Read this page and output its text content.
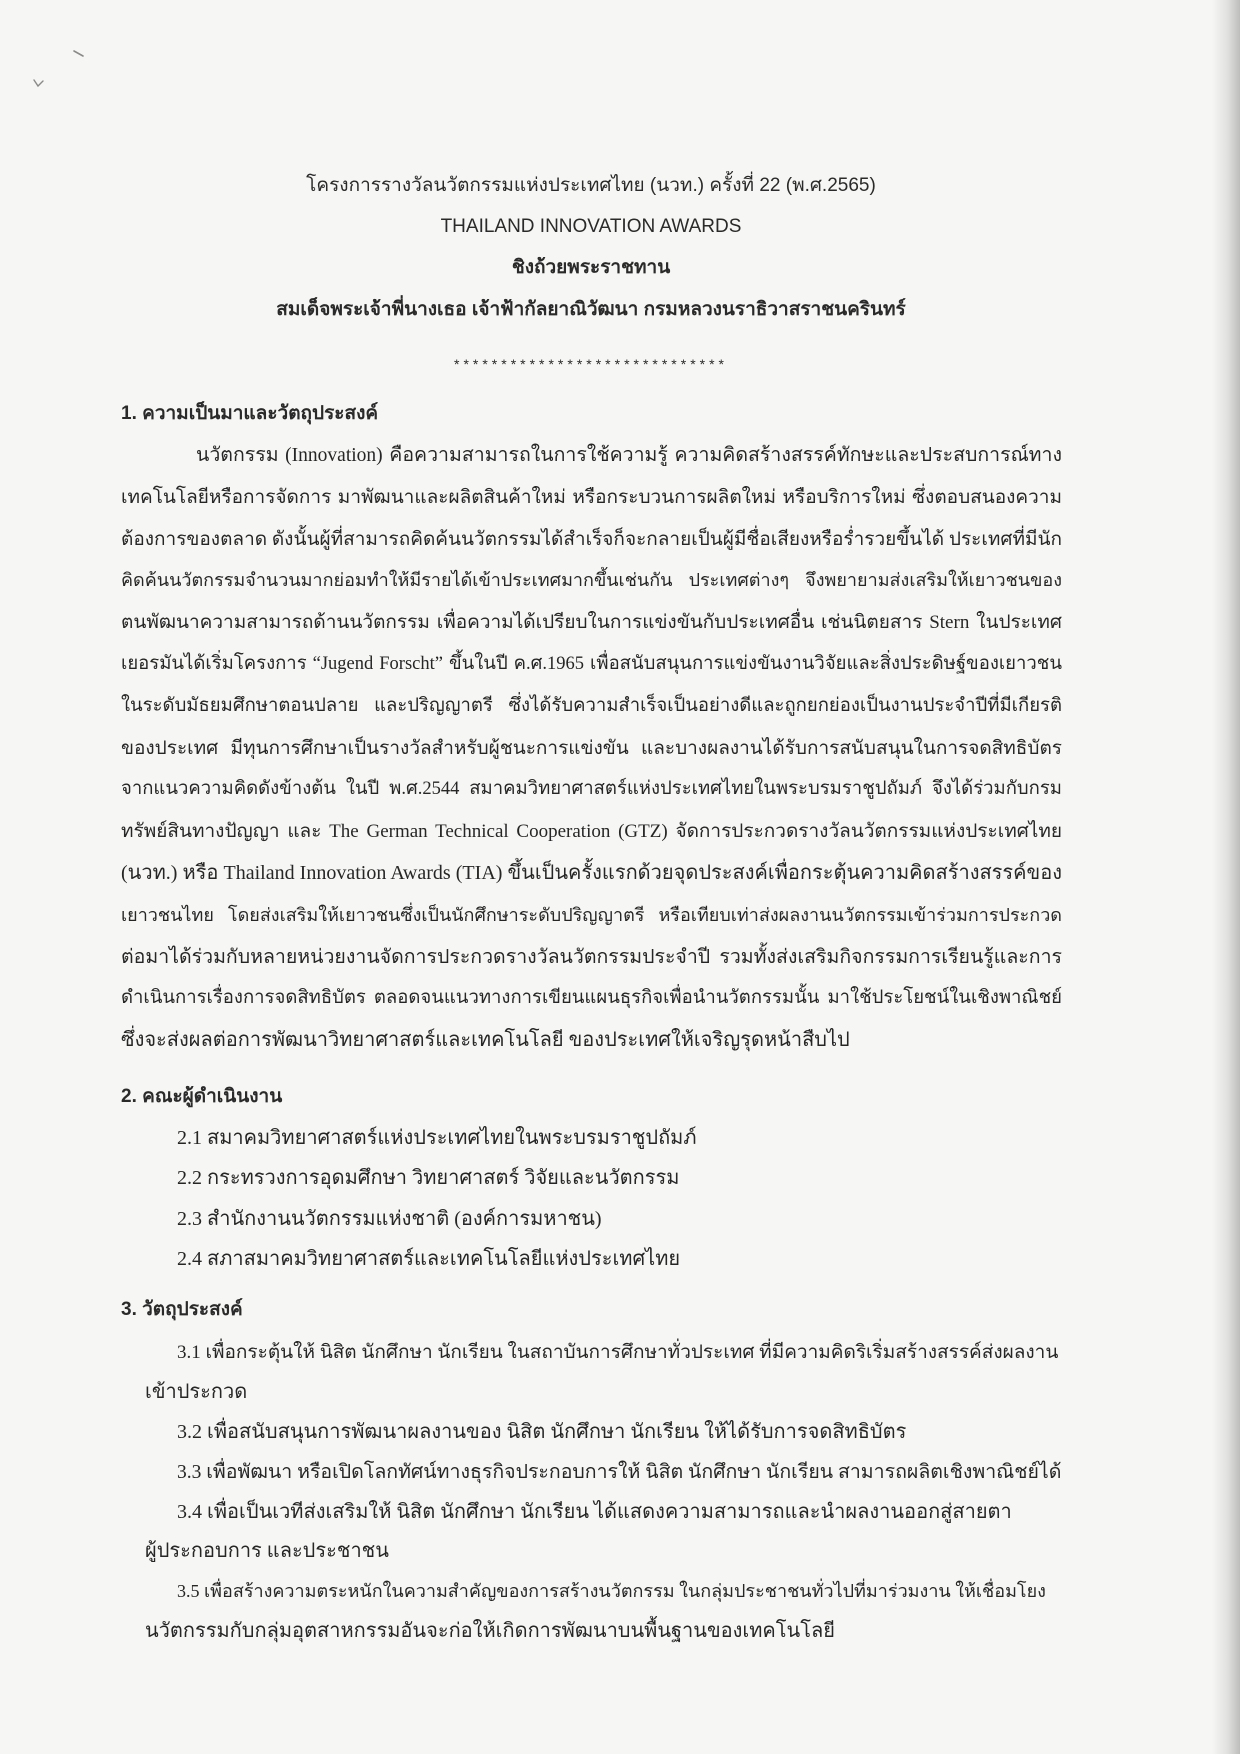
โครงการรางวัลนวัตกรรมแห่งประเทศไทย (นวท.) ครั้งที่ 22 (พ.ศ.2565)
THAILAND INNOVATION AWARDS
ชิงถ้วยพระราชทาน
สมเด็จพระเจ้าพี่นางเธอ เจ้าฟ้ากัลยาณิวัฒนา กรมหลวงนราธิวาสราชนครินทร์
*****************************
1. ความเป็นมาและวัตถุประสงค์
นวัตกรรม (Innovation) คือความสามารถในการใช้ความรู้ ความคิดสร้างสรรค์ทักษะและประสบการณ์ทาง
เทคโนโลยีหรือการจัดการ มาพัฒนาและผลิตสินค้าใหม่ หรือกระบวนการผลิตใหม่ หรือบริการใหม่ ซึ่งตอบสนองความ
ต้องการของตลาด ดังนั้นผู้ที่สามารถคิดค้นนวัตกรรมได้สำเร็จก็จะกลายเป็นผู้มีชื่อเสียงหรือร่ำรวยขึ้นได้ ประเทศที่มีนัก
คิดค้นนวัตกรรมจำนวนมากย่อมทำให้มีรายได้เข้าประเทศมากขึ้นเช่นกัน ประเทศต่างๆ จึงพยายามส่งเสริมให้เยาวชนของ
ตนพัฒนาความสามารถด้านนวัตกรรม เพื่อความได้เปรียบในการแข่งขันกับประเทศอื่น เช่นนิตยสาร Stern ในประเทศ
เยอรมันได้เริ่มโครงการ “Jugend Forscht” ขึ้นในปี ค.ศ.1965 เพื่อสนับสนุนการแข่งขันงานวิจัยและสิ่งประดิษฐ์ของเยาวชน
ในระดับมัธยมศึกษาตอนปลาย และปริญญาตรี ซึ่งได้รับความสำเร็จเป็นอย่างดีและถูกยกย่องเป็นงานประจำปีที่มีเกียรติ
ของประเทศ มีทุนการศึกษาเป็นรางวัลสำหรับผู้ชนะการแข่งขัน และบางผลงานได้รับการสนับสนุนในการจดสิทธิบัตร
จากแนวความคิดดังข้างต้น ในปี พ.ศ.2544 สมาคมวิทยาศาสตร์แห่งประเทศไทยในพระบรมราชูปถัมภ์ จึงได้ร่วมกับกรม
ทรัพย์สินทางปัญญา และ The German Technical Cooperation (GTZ) จัดการประกวดรางวัลนวัตกรรมแห่งประเทศไทย
(นวท.) หรือ Thailand Innovation Awards (TIA) ขึ้นเป็นครั้งแรกด้วยจุดประสงค์เพื่อกระตุ้นความคิดสร้างสรรค์ของ
เยาวชนไทย โดยส่งเสริมให้เยาวชนซึ่งเป็นนักศึกษาระดับปริญญาตรี หรือเทียบเท่าส่งผลงานนวัตกรรมเข้าร่วมการประกวด
ต่อมาได้ร่วมกับหลายหน่วยงานจัดการประกวดรางวัลนวัตกรรมประจำปี รวมทั้งส่งเสริมกิจกรรมการเรียนรู้และการ
ดำเนินการเรื่องการจดสิทธิบัตร ตลอดจนแนวทางการเขียนแผนธุรกิจเพื่อนำนวัตกรรมนั้น มาใช้ประโยชน์ในเชิงพาณิชย์
ซึ่งจะส่งผลต่อการพัฒนาวิทยาศาสตร์และเทคโนโลยี ของประเทศให้เจริญรุดหน้าสืบไป
2. คณะผู้ดำเนินงาน
2.1 สมาคมวิทยาศาสตร์แห่งประเทศไทยในพระบรมราชูปถัมภ์
2.2 กระทรวงการอุดมศึกษา วิทยาศาสตร์ วิจัยและนวัตกรรม
2.3 สำนักงานนวัตกรรมแห่งชาติ (องค์การมหาชน)
2.4 สภาสมาคมวิทยาศาสตร์และเทคโนโลยีแห่งประเทศไทย
3. วัตถุประสงค์
3.1 เพื่อกระตุ้นให้ นิสิต นักศึกษา นักเรียน ในสถาบันการศึกษาทั่วประเทศ ที่มีความคิดริเริ่มสร้างสรรค์ส่งผลงาน
เข้าประกวด
3.2 เพื่อสนับสนุนการพัฒนาผลงานของ นิสิต นักศึกษา นักเรียน ให้ได้รับการจดสิทธิบัตร
3.3 เพื่อพัฒนา หรือเปิดโลกทัศน์ทางธุรกิจประกอบการให้ นิสิต นักศึกษา นักเรียน สามารถผลิตเชิงพาณิชย์ได้
3.4 เพื่อเป็นเวทีส่งเสริมให้ นิสิต นักศึกษา นักเรียน ได้แสดงความสามารถและนำผลงานออกสู่สายตา
ผู้ประกอบการ และประชาชน
3.5 เพื่อสร้างความตระหนักในความสำคัญของการสร้างนวัตกรรม ในกลุ่มประชาชนทั่วไปที่มาร่วมงาน ให้เชื่อมโยง
นวัตกรรมกับกลุ่มอุตสาหกรรมอันจะก่อให้เกิดการพัฒนาบนพื้นฐานของเทคโนโลยี
